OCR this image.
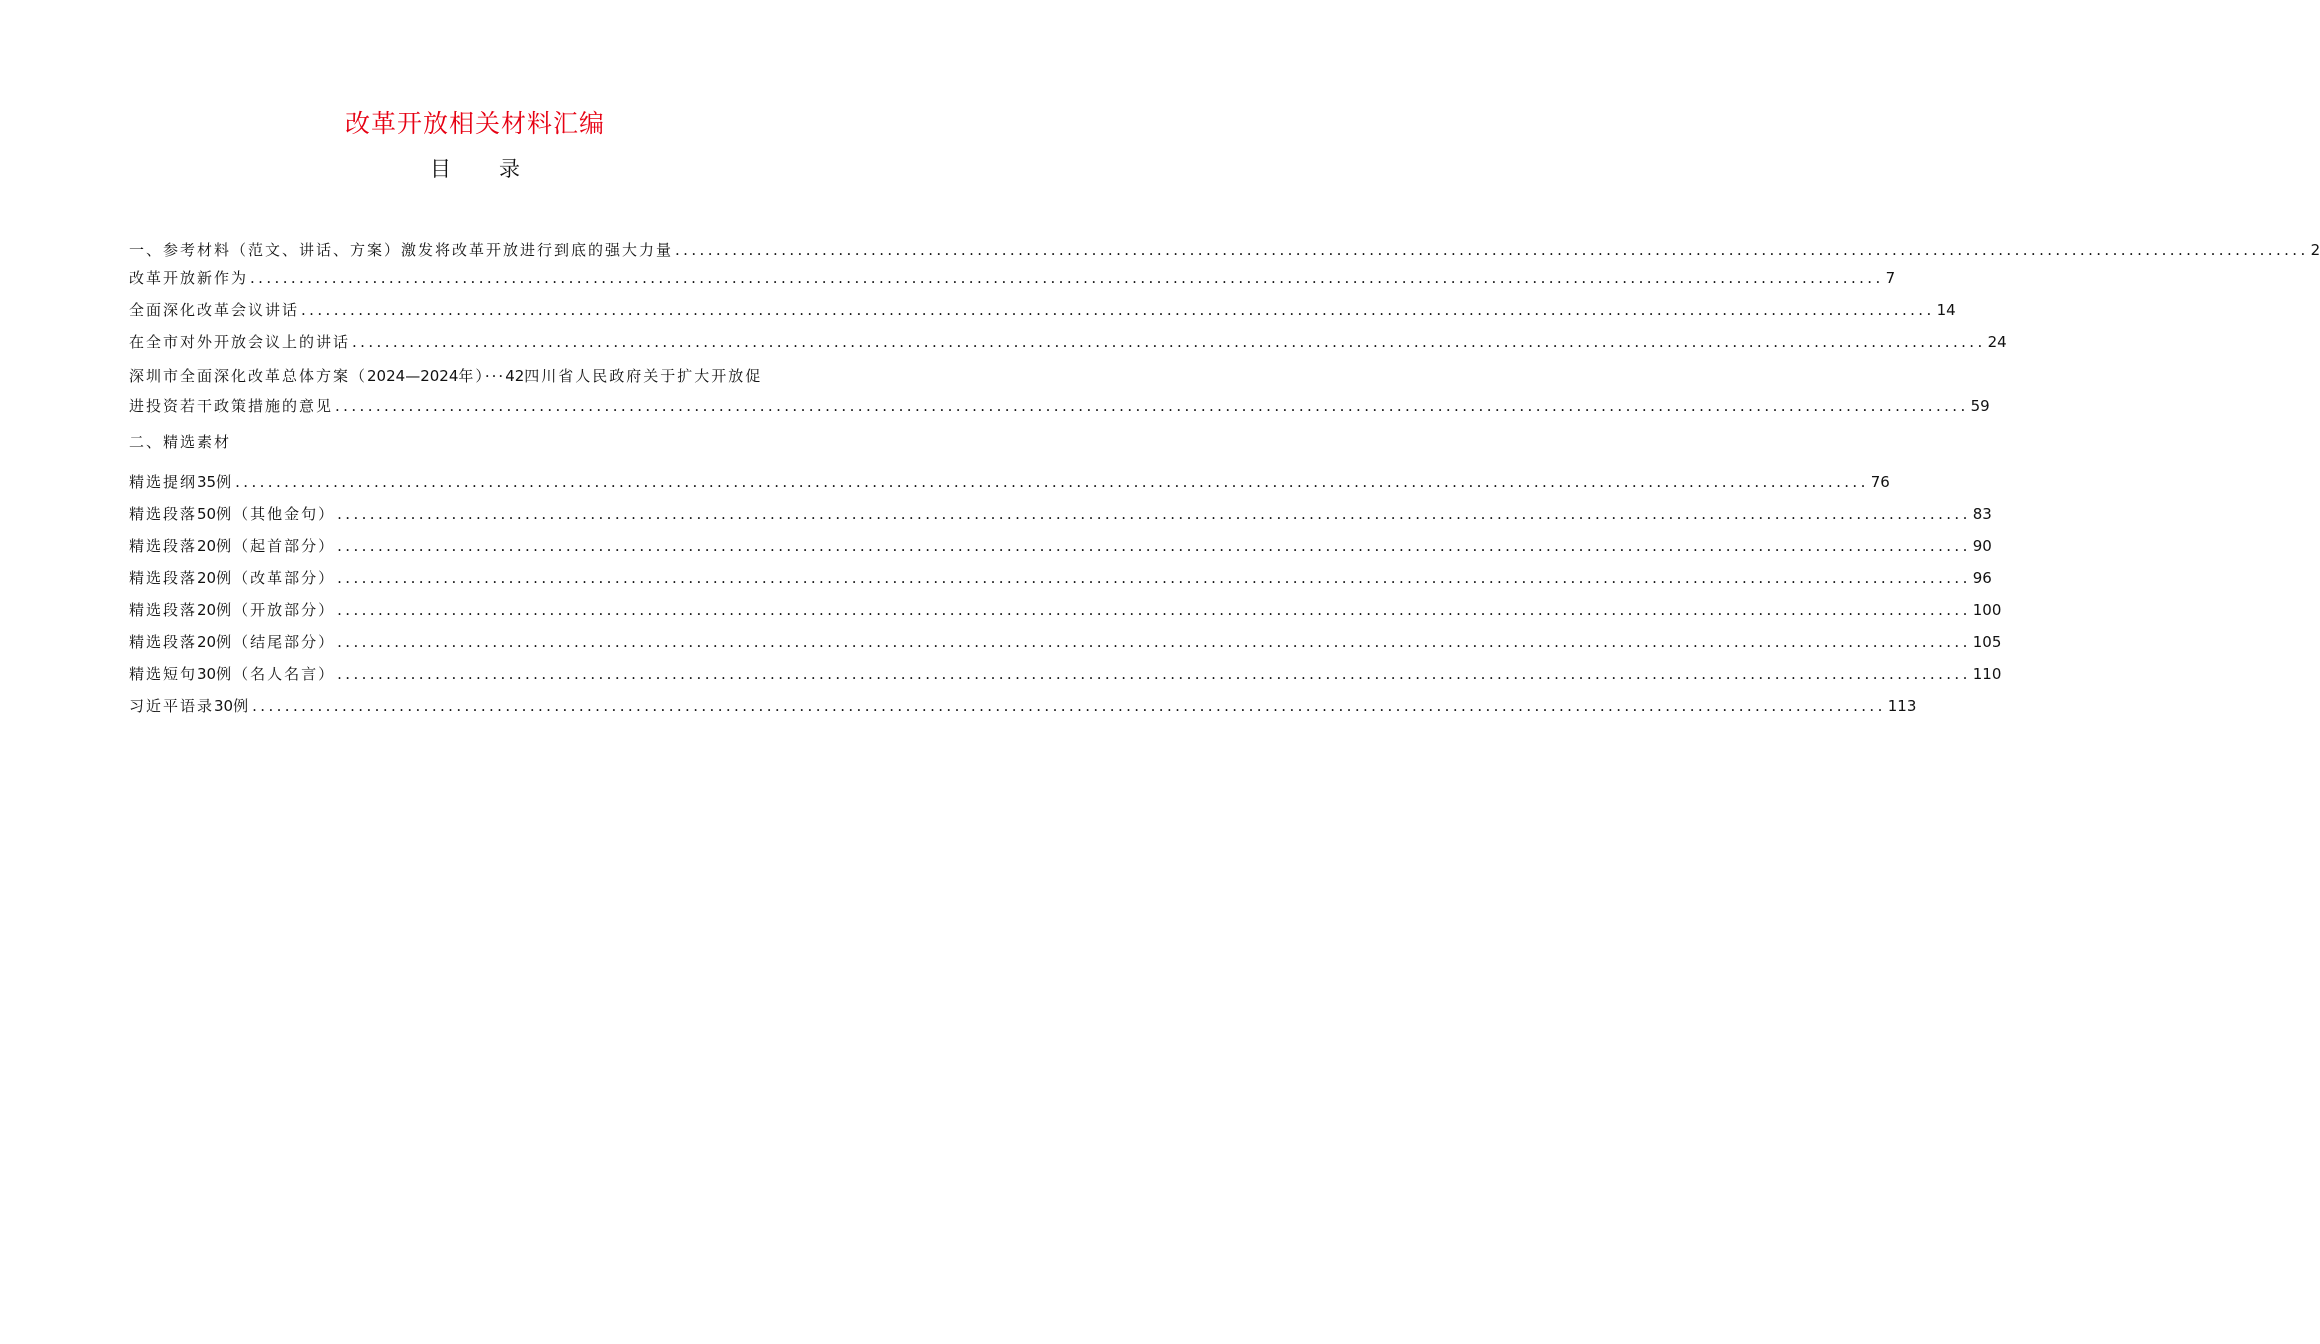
改革开放相关材料汇编
目 录
一、参考材料（范文、讲话、方案）激发将改革开放进行到底的强大力量 ........................................................................................................................................................................................................ 2
改革开放新作为 ........................................................................................................................................................................................................ 7
全面深化改革会议讲话 ........................................................................................................................................................................................................ 14
在全市对外开放会议上的讲话 ........................................................................................................................................................................................................ 24
深圳市全面深化改革总体方案（2024—2024年）···42四川省人民政府关于扩大开放促
进投资若干政策措施的意见 ........................................................................................................................................................................................................ 59
二、精选素材
精选提纲35例 ........................................................................................................................................................................................................ 76
精选段落50例（其他金句） ........................................................................................................................................................................................................ 83
精选段落20例（起首部分） ........................................................................................................................................................................................................ 90
精选段落20例（改革部分） ........................................................................................................................................................................................................ 96
精选段落20例（开放部分） ........................................................................................................................................................................................................ 100
精选段落20例（结尾部分） ........................................................................................................................................................................................................ 105
精选短句30例（名人名言） ........................................................................................................................................................................................................ 110
习近平语录30例 ........................................................................................................................................................................................................ 113
